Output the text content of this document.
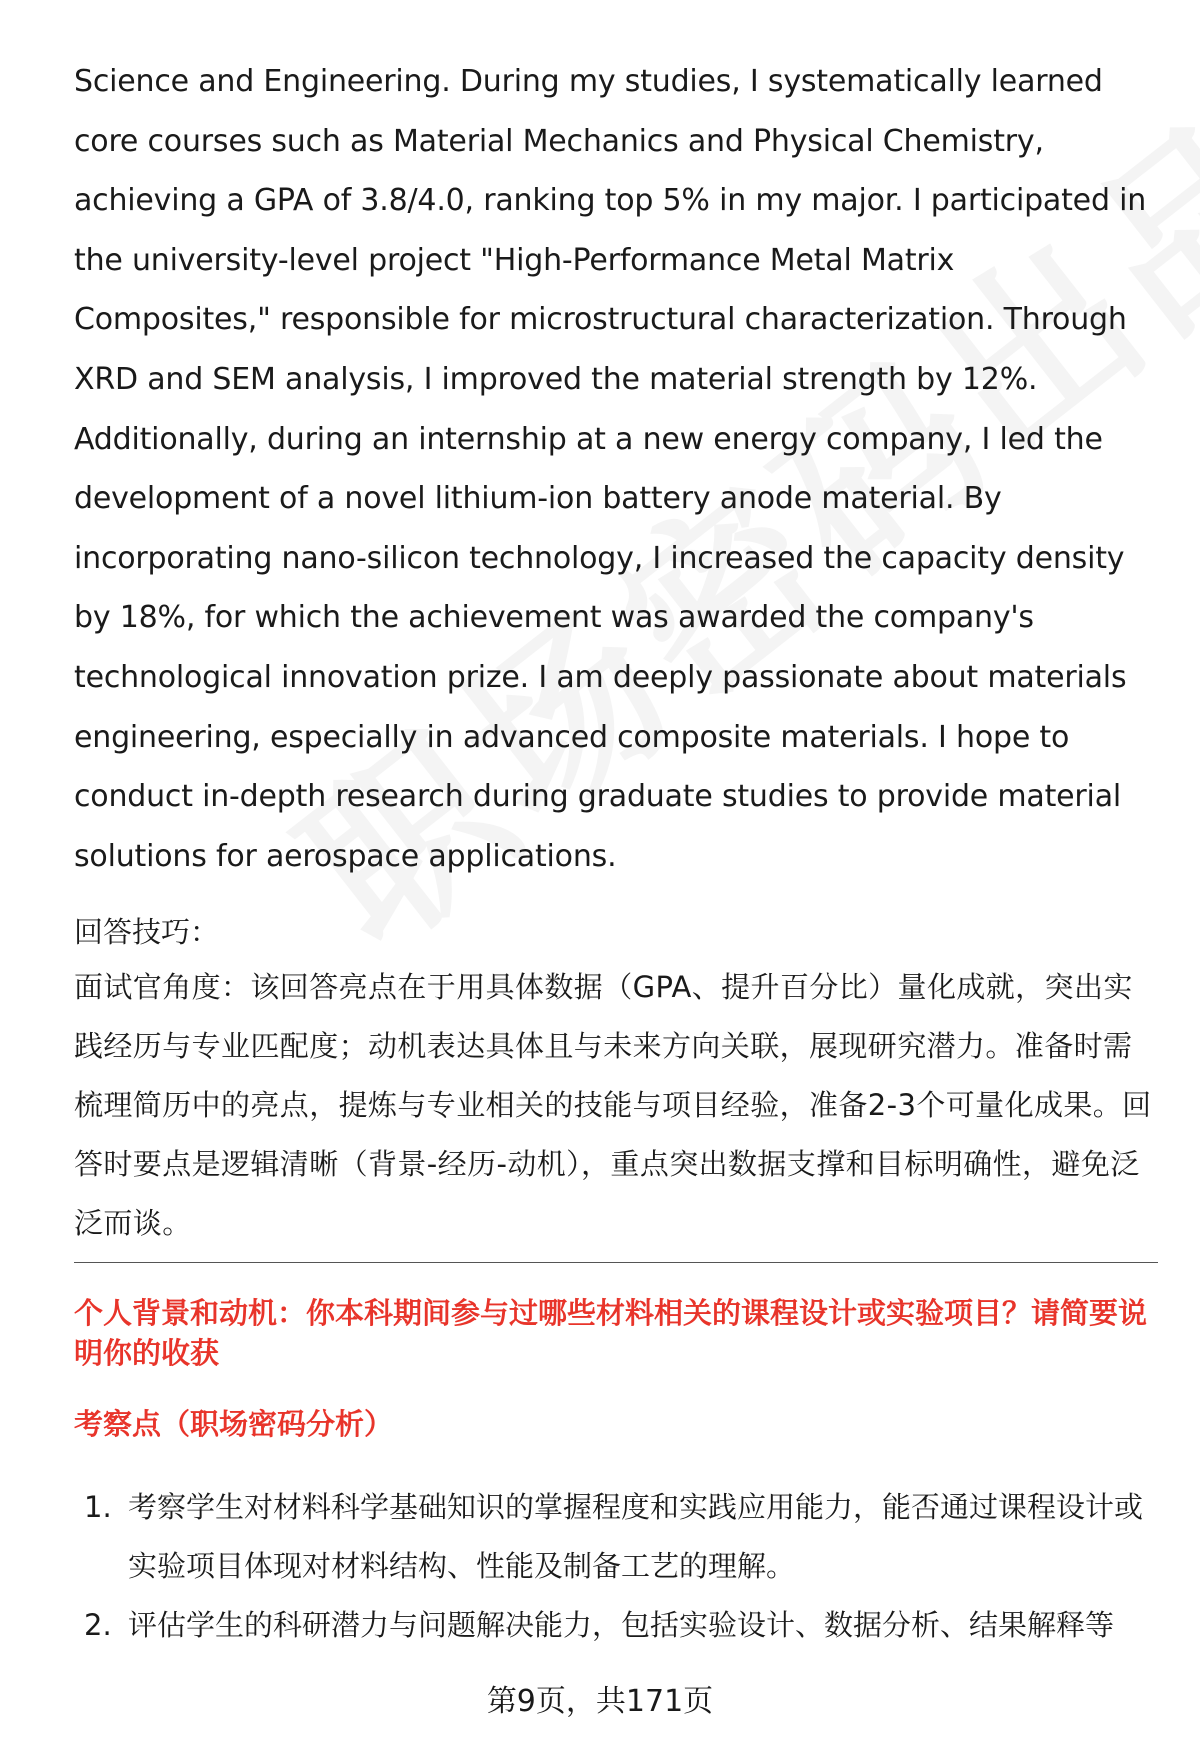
Science and Engineering. During my studies, I systematically learned core courses such as Material Mechanics and Physical Chemistry, achieving a GPA of 3.8/4.0, ranking top 5% in my major. I participated in the university-level project "High-Performance Metal Matrix Composites," responsible for microstructural characterization. Through XRD and SEM analysis, I improved the material strength by 12%. Additionally, during an internship at a new energy company, I led the development of a novel lithium-ion battery anode material. By incorporating nano-silicon technology, I increased the capacity density by 18%, for which the achievement was awarded the company's technological innovation prize. I am deeply passionate about materials engineering, especially in advanced composite materials. I hope to conduct in-depth research during graduate studies to provide material solutions for aerospace applications.

回答技巧：

面试官角度：该回答亮点在于用具体数据（GPA、提升百分比）量化成就，突出实践经历与专业匹配度；动机表达具体且与未来方向关联，展现研究潜力。准备时需梳理简历中的亮点，提炼与专业相关的技能与项目经验，准备2-3个可量化成果。回答时要点是逻辑清晰（背景-经历-动机），重点突出数据支撑和目标明确性，避免泛泛而谈。

个人背景和动机：你本科期间参与过哪些材料相关的课程设计或实验项目？请简要说明你的收获

考察点（职场密码分析）

1. 考察学生对材料科学基础知识的掌握程度和实践应用能力，能否通过课程设计或实验项目体现对材料结构、性能及制备工艺的理解。
2. 评估学生的科研潜力与问题解决能力，包括实验设计、数据分析、结果解释等
第9页，共171页
